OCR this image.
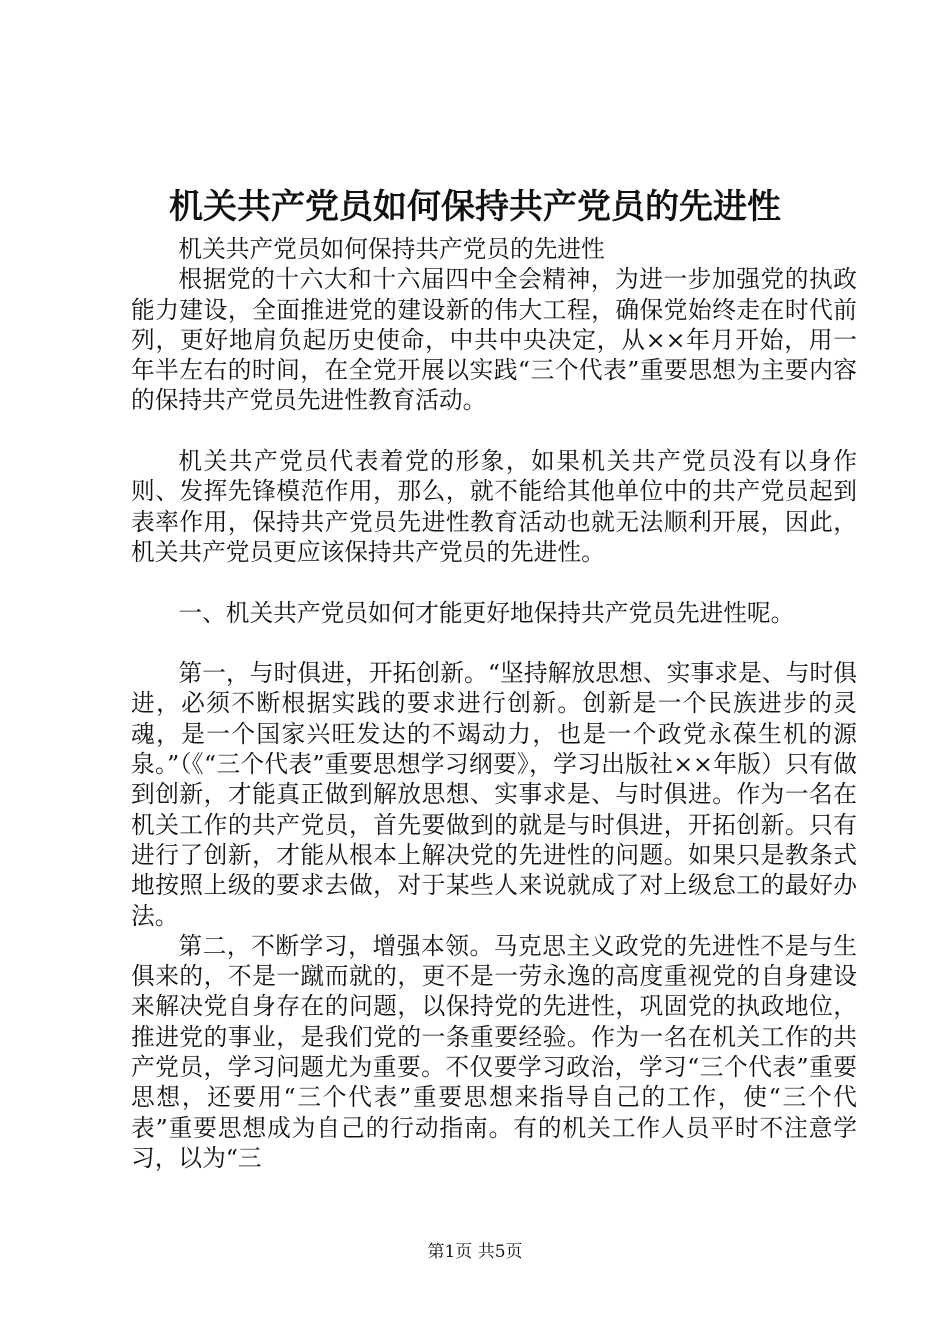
机关共产党员如何保持共产党员的先进性

机关共产党员如何保持共产党员的先进性

根据党的十六大和十六届四中全会精神，为进一步加强党的执政能力建设，全面推进党的建设新的伟大工程，确保党始终走在时代前列，更好地肩负起历史使命，中共中央决定，从××年月开始，用一年半左右的时间，在全党开展以实践“三个代表”重要思想为主要内容的保持共产党员先进性教育活动。

机关共产党员代表着党的形象，如果机关共产党员没有以身作则、发挥先锋模范作用，那么，就不能给其他单位中的共产党员起到表率作用，保持共产党员先进性教育活动也就无法顺利开展，因此，机关共产党员更应该保持共产党员的先进性。

一、机关共产党员如何才能更好地保持共产党员先进性呢。

第一，与时俱进，开拓创新。“坚持解放思想、实事求是、与时俱进，必须不断根据实践的要求进行创新。创新是一个民族进步的灵魂，是一个国家兴旺发达的不竭动力，也是一个政党永葆生机的源泉。”（《“三个代表”重要思想学习纲要》，学习出版社××年版）只有做到创新，才能真正做到解放思想、实事求是、与时俱进。作为一名在机关工作的共产党员，首先要做到的就是与时俱进，开拓创新。只有进行了创新，才能从根本上解决党的先进性的问题。如果只是教条式地按照上级的要求去做，对于某些人来说就成了对上级怠工的最好办法。

第二，不断学习，增强本领。马克思主义政党的先进性不是与生俱来的，不是一蹴而就的，更不是一劳永逸的高度重视党的自身建设来解决党自身存在的问题，以保持党的先进性，巩固党的执政地位，推进党的事业，是我们党的一条重要经验。作为一名在机关工作的共产党员，学习问题尤为重要。不仅要学习政治，学习“三个代表”重要思想，还要用“三个代表”重要思想来指导自己的工作，使“三个代表”重要思想成为自己的行动指南。有的机关工作人员平时不注意学习，以为“三

第1页 共5页
